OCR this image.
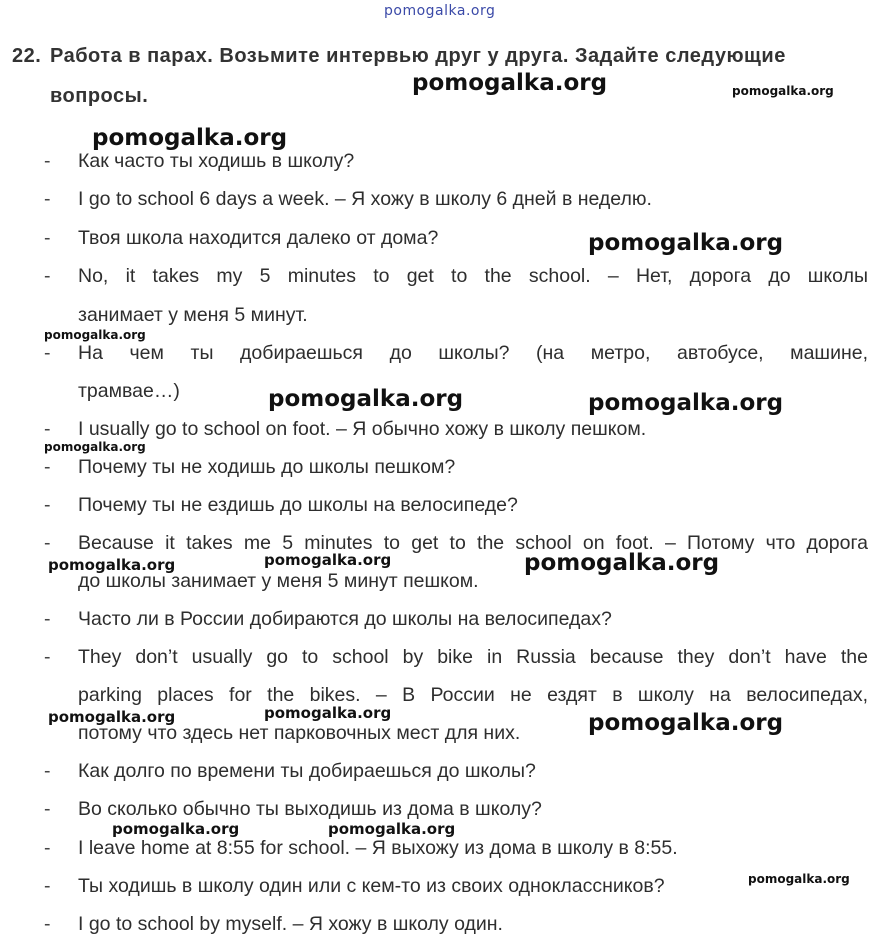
pomogalka.org
pomogalka.org	pomogalka.org
pomogalka.org
pomogalka.org
pomogalka.org
pomogalka.org	pomogalka.org
pomogalka.org
pomogalka.org	pomogalka.org	pomogalka.org
pomogalka.org	pomogalka.org	pomogalka.org
pomogalka.org	pomogalka.org
pomogalka.org
22. Работа в парах. Возьмите интервью друг у друга. Задайте следующие
вопросы.
- Как часто ты ходишь в школу?
- I go to school 6 days a week. – Я хожу в школу 6 дней в неделю.
- Твоя школа находится далеко от дома?
- No, it takes my 5 minutes to get to the school. – Нет, дорога до школы
занимает у меня 5 минут.
- На чем ты добираешься до школы? (на метро, автобусе, машине,
трамвае…)
- I usually go to school on foot. – Я обычно хожу в школу пешком.
- Почему ты не ходишь до школы пешком?
- Почему ты не ездишь до школы на велосипеде?
- Because it takes me 5 minutes to get to the school on foot. – Потому что дорога
до школы занимает у меня 5 минут пешком.
- Часто ли в России добираются до школы на велосипедах?
- They don’t usually go to school by bike in Russia because they don’t have the
parking places for the bikes. – В России не ездят в школу на велосипедах,
потому что здесь нет парковочных мест для них.
- Как долго по времени ты добираешься до школы?
- Во сколько обычно ты выходишь из дома в школу?
- I leave home at 8:55 for school. – Я выхожу из дома в школу в 8:55.
- Ты ходишь в школу один или с кем-то из своих одноклассников?
- I go to school by myself. – Я хожу в школу один.
